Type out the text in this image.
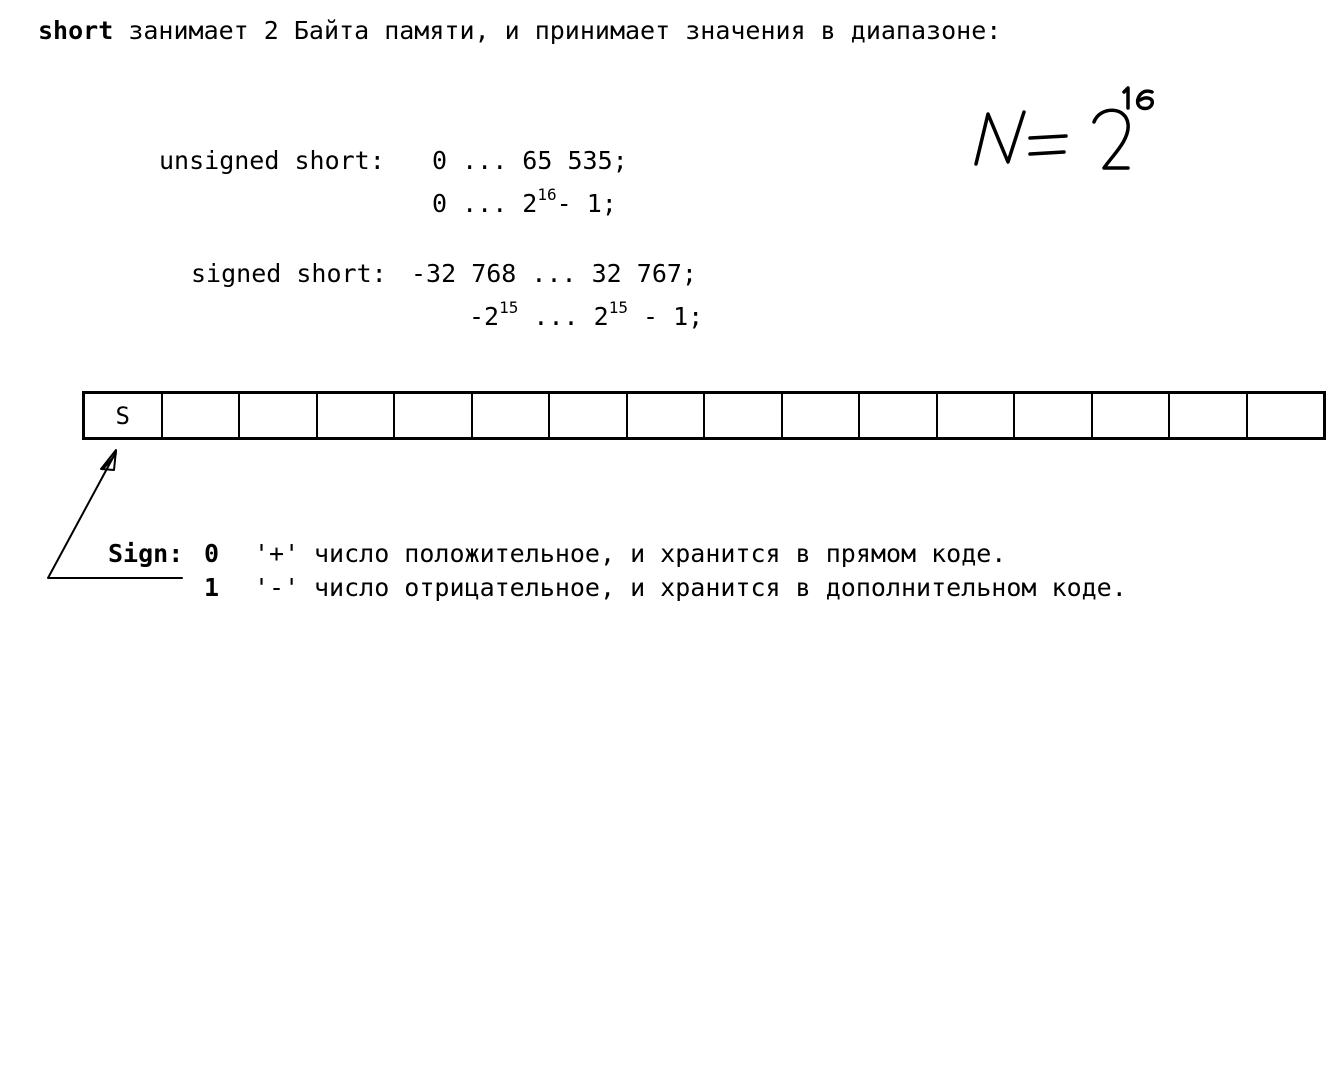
short занимает 2 Байта памяти, и принимает значения в диапазоне:
unsigned short: 0 ... 65 535;
0 ... $2^{16}-$ 1;
signed short: -32 768 ... 32 767;
$-2^{15}$ ... $2^{15} - 1$;
S
Sign: 0 '+' число положительное, и хранится в прямом коде.
1 '-' число отрицательное, и хранится в дополнительном коде.
